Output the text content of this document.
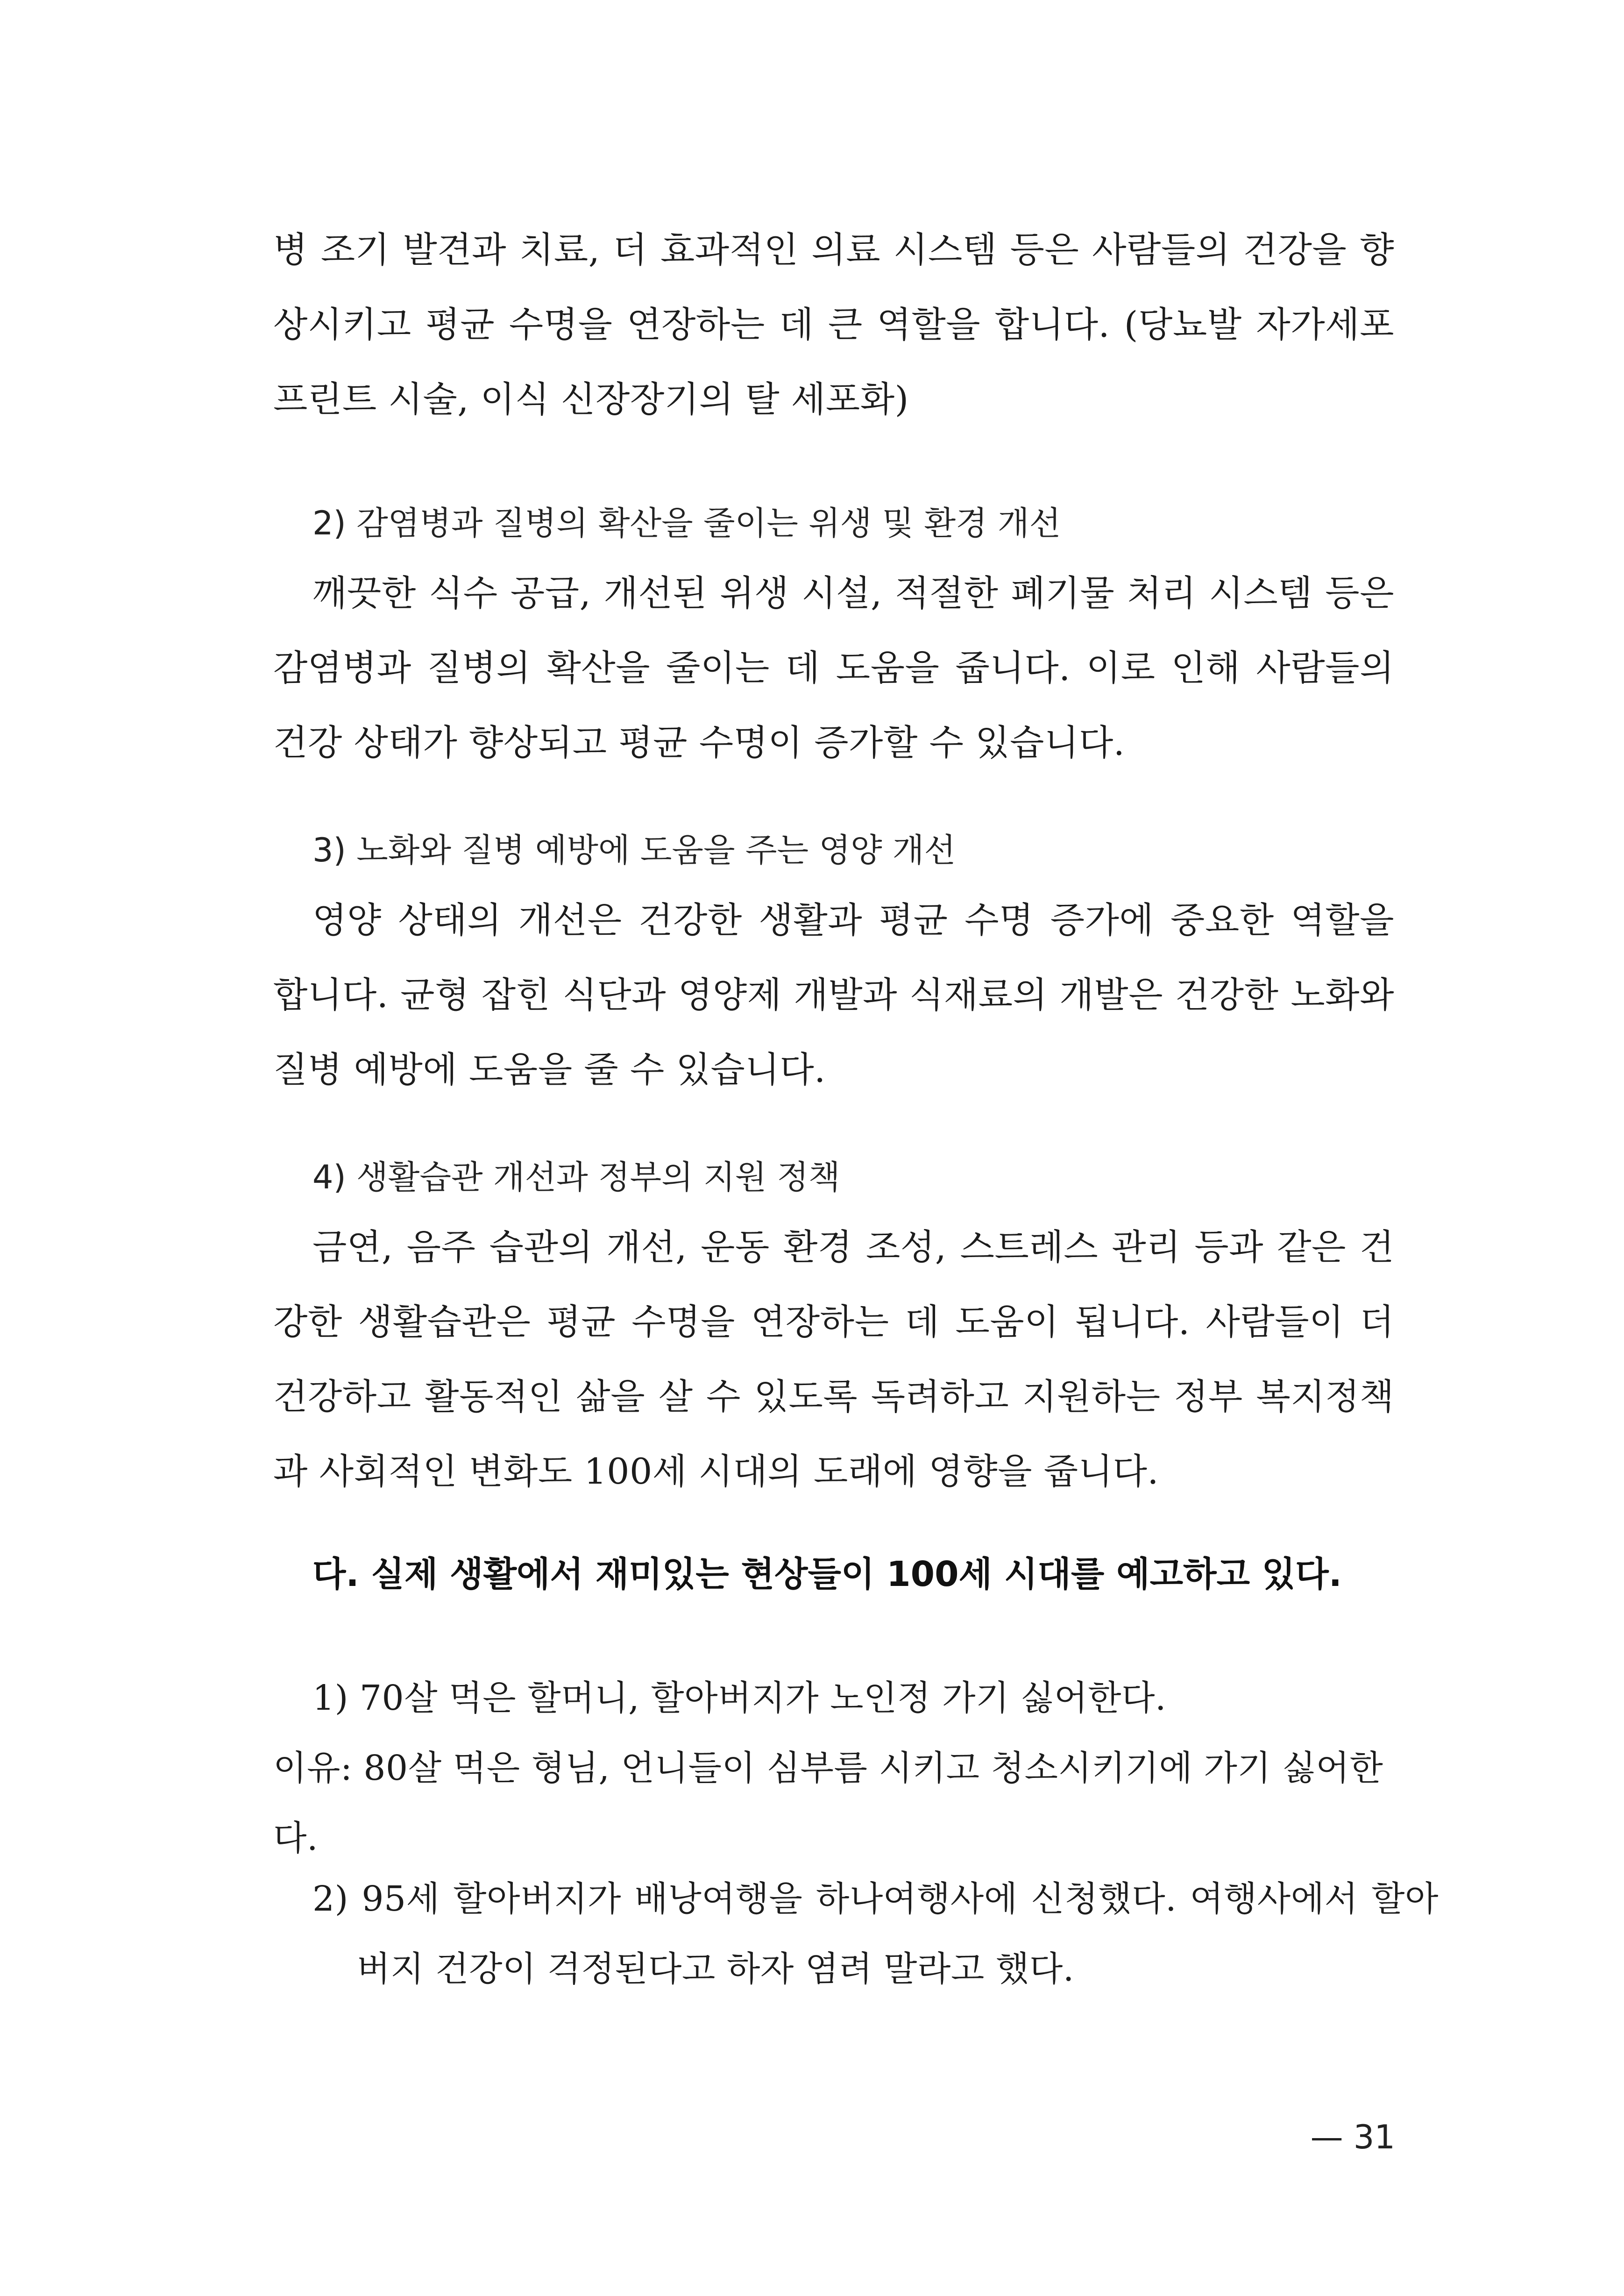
병 조기 발견과 치료, 더 효과적인 의료 시스템 등은 사람들의 건강을 향상시키고 평균 수명을 연장하는 데 큰 역할을 합니다. (당뇨발 자가세포 프린트 시술, 이식 신장장기의 탈 세포화)

2) 감염병과 질병의 확산을 줄이는 위생 및 환경 개선

깨끗한 식수 공급, 개선된 위생 시설, 적절한 폐기물 처리 시스템 등은 감염병과 질병의 확산을 줄이는 데 도움을 줍니다. 이로 인해 사람들의 건강 상태가 향상되고 평균 수명이 증가할 수 있습니다.

3) 노화와 질병 예방에 도움을 주는 영양 개선

영양 상태의 개선은 건강한 생활과 평균 수명 증가에 중요한 역할을 합니다. 균형 잡힌 식단과 영양제 개발과 식재료의 개발은 건강한 노화와 질병 예방에 도움을 줄 수 있습니다.

4) 생활습관 개선과 정부의 지원 정책

금연, 음주 습관의 개선, 운동 환경 조성, 스트레스 관리 등과 같은 건강한 생활습관은 평균 수명을 연장하는 데 도움이 됩니다. 사람들이 더 건강하고 활동적인 삶을 살 수 있도록 독려하고 지원하는 정부 복지정책과 사회적인 변화도 100세 시대의 도래에 영향을 줍니다.

다. 실제 생활에서 재미있는 현상들이 100세 시대를 예고하고 있다.

1) 70살 먹은 할머니, 할아버지가 노인정 가기 싫어한다.

이유: 80살 먹은 형님, 언니들이 심부름 시키고 청소시키기에 가기 싫어한다.

2) 95세 할아버지가 배낭여행을 하나여행사에 신청했다. 여행사에서 할아버지 건강이 걱정된다고 하자 염려 말라고 했다.

— 31
